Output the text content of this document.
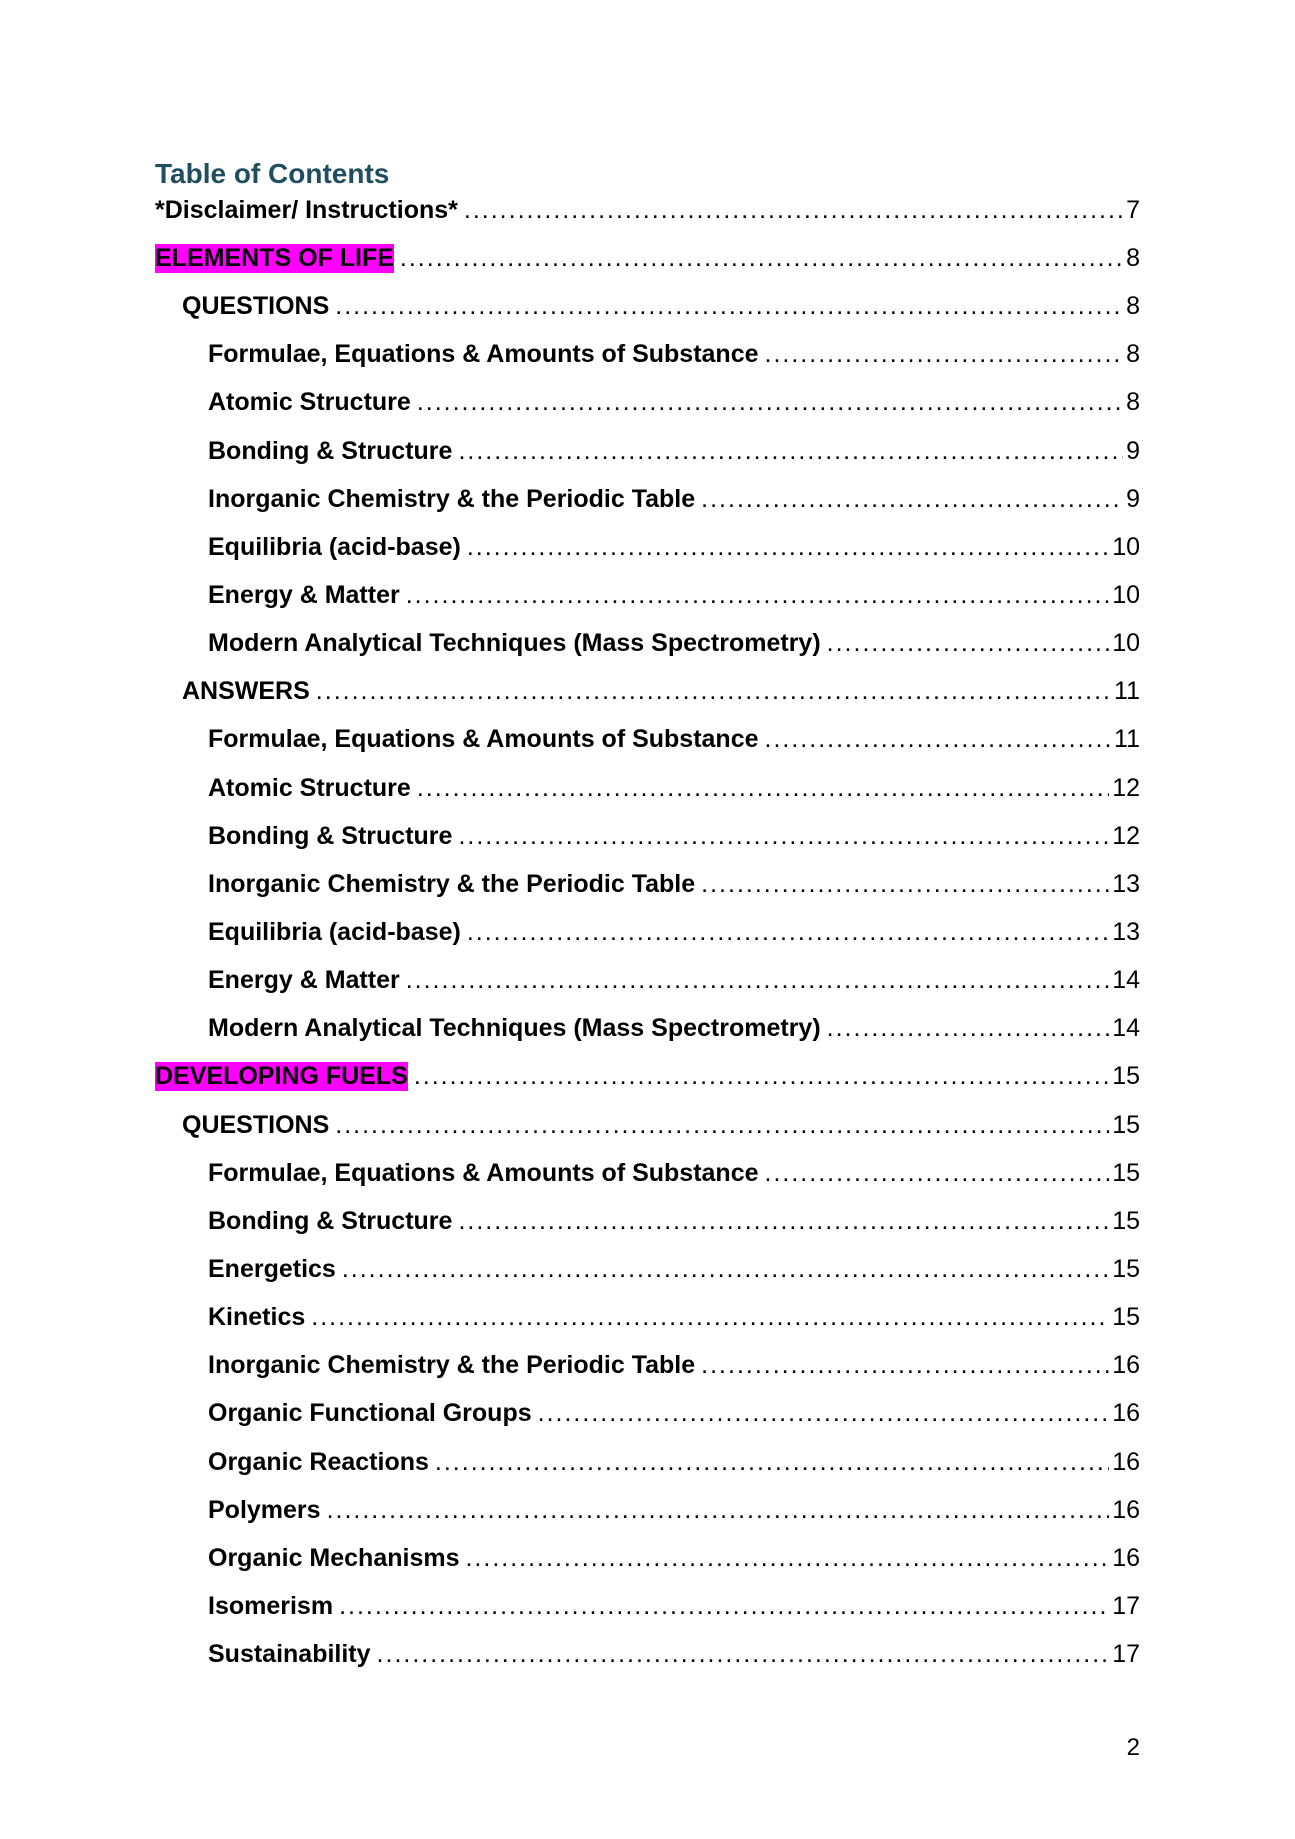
Table of Contents
*Disclaimer/ Instructions* .....	7
ELEMENTS OF LIFE .....	8
QUESTIONS .....	8
Formulae, Equations & Amounts of Substance .....	8
Atomic Structure .....	8
Bonding & Structure .....	9
Inorganic Chemistry & the Periodic Table .....	9
Equilibria (acid-base) .....	10
Energy & Matter .....	10
Modern Analytical Techniques (Mass Spectrometry) .....	10
ANSWERS .....	11
Formulae, Equations & Amounts of Substance .....	11
Atomic Structure .....	12
Bonding & Structure .....	12
Inorganic Chemistry & the Periodic Table .....	13
Equilibria (acid-base) .....	13
Energy & Matter .....	14
Modern Analytical Techniques (Mass Spectrometry) .....	14
DEVELOPING FUELS .....	15
QUESTIONS .....	15
Formulae, Equations & Amounts of Substance .....	15
Bonding & Structure .....	15
Energetics .....	15
Kinetics .....	15
Inorganic Chemistry & the Periodic Table .....	16
Organic Functional Groups .....	16
Organic Reactions .....	16
Polymers .....	16
Organic Mechanisms .....	16
Isomerism .....	17
Sustainability .....	17
2
